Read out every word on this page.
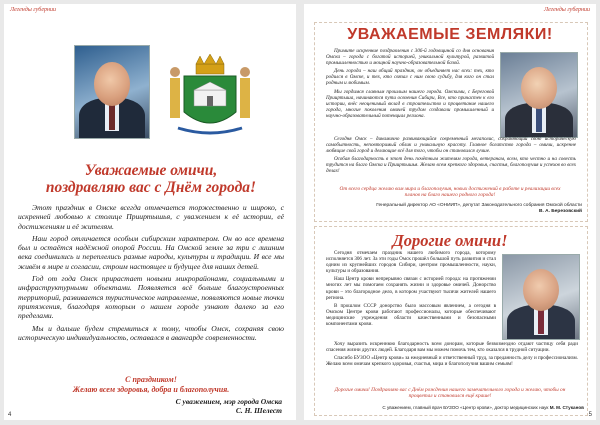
Легенды губернии
Уважаемые омичи,
поздравляю вас с Днём города!

Этот праздник в Омске всегда отмечается торжественно и широко, с искренней любовью к столице Прииртышья, с уважением к её истории, её достижениям и её жителям.

Наш город отличается особым сибирским характером. Он во все времена был и остаётся надёжной опорой России. На Омской земле за три с лишним века соединились и переплелись разные народы, культуры и традиции. И все мы живём в мире и согласии, строим настоящее и будущее для наших детей.

Год от года Омск прирастает новыми микрорайонами, социальными и инфраструктурными объектами. Появляется всё больше благоустроенных территорий, развивается туристическое направление, появляются новые точки притяжения, благодаря которым о нашем городе узнают далеко за его пределами.

Мы и дальше будем стремиться к тому, чтобы Омск, сохраняя свою историческую индивидуальность, оставался в авангарде современности.

С праздником!
Желаю всем здоровья, добра и благополучия.
С уважением, мэр города Омска
С. Н. Шелест
4
Легенды губернии
УВАЖАЕМЫЕ ЗЕМЛЯКИ!

Примите искренние поздравления с 306-й годовщиной со дня основания Омска – города с богатой историей, уникальной культурой, развитой промышленностью и мощной научно-образовательной базой.

День города – наш общий праздник, он объединяет нас всех: тех, кто родился в Омске, и тех, кто связал с ним свою судьбу, для кого он стал родным и любимым.

Мы гордимся славным прошлым нашего города. Омскими, с Береговой Прииртыша, начинаются пути освоения Сибири, Все, кто причастен к его истории, внёс неоценимый вклад в строительство и процветание нашего города, многие поколения омичей трудом создавали промышленный и научно-образовательный потенциал региона.

Сегодня Омск – динамично развивающийся современный мегаполис, сохраняющий свою историческую самобытность, неповторимый облик и уникальную красоту. Главное богатство города – омичи, искренне любящие свой город и делающие всё для того, чтобы он становился лучше.

Особая благодарность в этот день почётным жителям города, ветеранам, всем, кто честно и на совесть трудится на благо Омска и Прииртышья. Желаю всем крепкого здоровья, счастья, благополучия и успехов во всех делах!

От всего сердца желаю вам мира и благополучия, новых достижений в работе и реализации всех планов на благо нашего родного города!
Генеральный директор АО «ОНИИП», депутат Законодательного собрания Омской области
В. А. Березовский
Дорогие омичи!

Сегодня отмечаем праздник нашего любимого города, которому исполняется 306 лет. За эти годы Омск прошёл большой путь развития и стал одним из крупнейших городов Сибири, центром промышленности, науки, культуры и образования.

Наш Центр крови непрерывно связан с историей города: на протяжении многих лет мы помогаем сохранять жизни и здоровье омичей. Донорство крови – это благородное дело, в котором участвуют тысячи жителей нашего региона.

В прошлом СССР донорство было массовым явлением, а сегодня в Омском Центре крови работают профессионалы, которые обеспечивают медицинские учреждения области качественными и безопасными компонентами крови.

Хочу выразить искреннюю благодарность всем донорам, которые безвозмездно отдают частицу себя ради спасения жизни других людей. Благодаря вам мы можем помочь тем, кто оказался в трудной ситуации.

Спасибо БУЗОО «Центр крови» за ежедневный и ответственный труд, за преданность делу и профессионализм. Желаю всем омичам крепкого здоровья, счастья, мира и благополучия вашим семьям!

Дорогие омичи! Поздравляю вас с Днём рождения нашего замечательного города и желаю, чтобы он процветал и становился ещё краше!
С уважением, главный врач БУЗОО «Центр крови», доктор медицинских наук М. М. Стуканов
5
